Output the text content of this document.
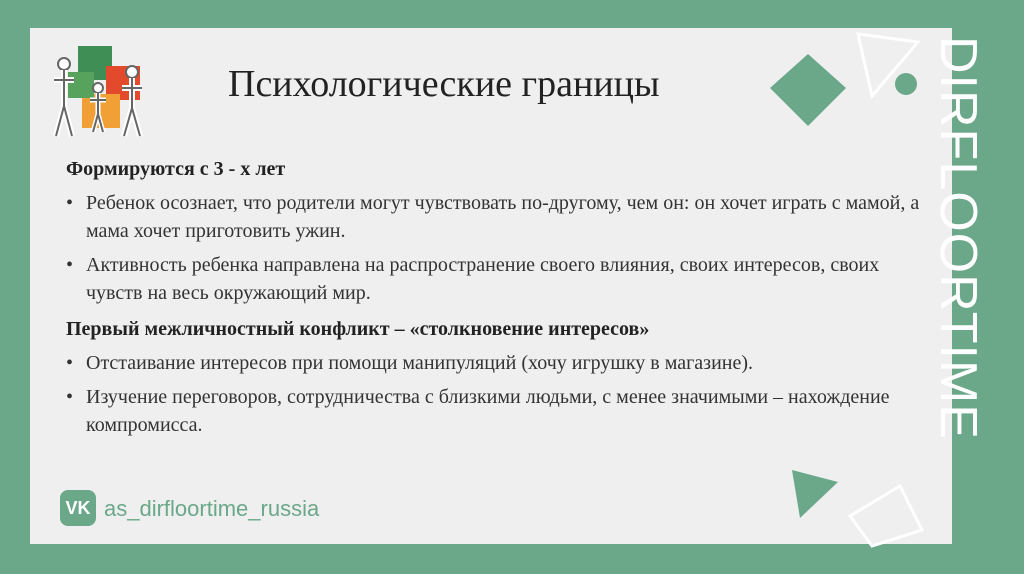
Психологические границы
Формируются с 3 - х лет
• Ребенок осознает, что родители могут чувствовать по-другому, чем он: он хочет играть с мамой, а мама хочет приготовить ужин.
• Активность ребенка направлена на распространение своего влияния, своих интересов, своих чувств на весь окружающий мир.
Первый межличностный конфликт – «столкновение интересов»
• Отстаивание интересов при помощи манипуляций (хочу игрушку в магазине).
• Изучение переговоров, сотрудничества с близкими людьми, с менее значимыми – нахождение компромисса.
VK as_dirfloortime_russia
DIRFLOORTIME
